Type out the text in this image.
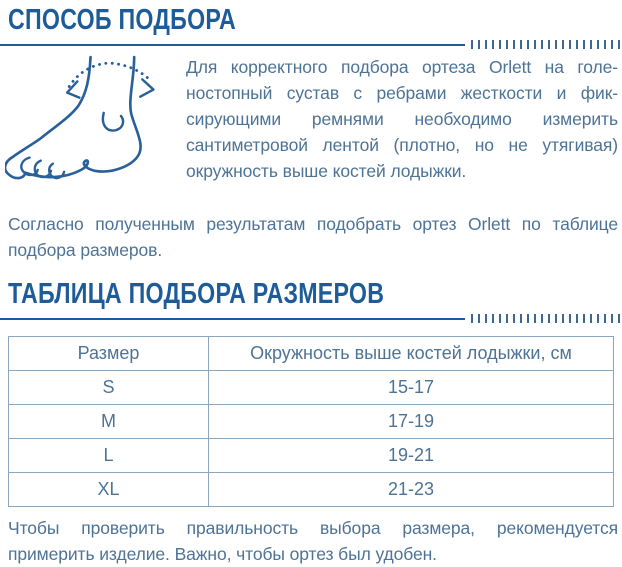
СПОСОБ ПОДБОРА

Для корректного подбора ортеза Orlett на голе-ностопный сустав с ребрами жесткости и фик-сирующими ремнями необходимо измерить сантиметровой лентой (плотно, но не утягивая) окружность выше костей лодыжки.

Согласно полученным результатам подобрать ортез Orlett по таблице подбора размеров.

ТАБЛИЦА ПОДБОРА РАЗМЕРОВ
Размер	Окружность выше костей лодыжки, см
S	15-17
M	17-19
L	19-21
XL	21-23

Чтобы проверить правильность выбора размера, рекомендуется примерить изделие. Важно, чтобы ортез был удобен.
